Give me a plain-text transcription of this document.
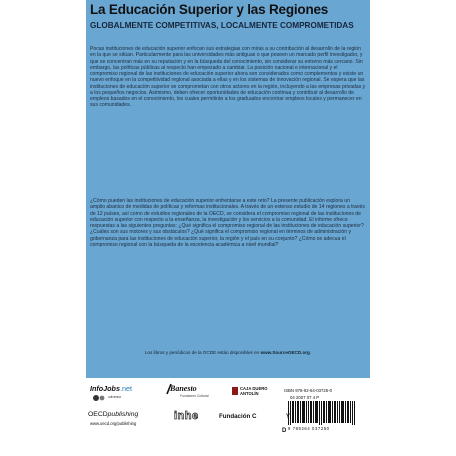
La Educación Superior y las Regiones
GLOBALMENTE COMPETITIVAS, LOCALMENTE COMPROMETIDAS
Pocas instituciones de educación superior enfocan sus estrategias con miras a su contribución al desarrollo de la región en la que se sitúan. Particularmente para las universidades más antiguas o que poseen un marcado perfil investigador, y que se concentran más en su reputación y en la búsqueda del conocimiento, sin considerar su entorno más cercano. Sin embargo, las políticas públicas al respecto han empezado a cambiar. La posición nacional e internacional y el compromiso regional de las instituciones de educación superior ahora son considerados como complementos y existe un nuevo enfoque en la competitividad regional asociada a ellas y en los sistemas de innovación regional. Se espera que las instituciones de educación superior se comprometan con otros actores en la región, incluyendo a las empresas privadas y a los pequeños negocios. Asimismo, deben ofrecer oportunidades de educación continua y contribuir al desarrollo de empleos basados en el conocimiento, los cuales permitirán a los graduados encontrar empleos locales y permanecer en sus comunidades.
¿Cómo pueden las instituciones de educación superior enfrentarse a este reto? La presente publicación explora un amplio abanico de medidas de políticas y reformas institucionales. A través de un extenso estudio de 14 regiones a través de 12 países, así como de estudios regionales de la OECD, se considera el compromiso regional de las instituciones de educación superior con respecto a la enseñanza, la investigación y los servicios a la comunidad. El informe ofrece respuestas a las siguientes preguntas: ¿Qué significa el compromiso regional de las instituciones de educación superior? ¿Cuáles son sus motores y sus obstáculos? ¿Qué significa el compromiso regional en términos de administración y gobernanza para las instituciones de educación superior, la región y el país en su conjunto? ¿Cómo se adecua el compromiso regional con la búsqueda de la excelencia académica a nivel mundial?
Los libros y periódicos de la OCDE están disponibles en www.SourceOECD.org.
InfoJobs.net
universia
Banesto
Fundación Cultural
CAJA DUERO
ANTOLÍN
ISBN 978-92-64-03725-0
04 2007 07 4 P
9 789264 037250
OECDpublishing
www.oecd.org/publishing
inhe	Fundación C	Y
D
